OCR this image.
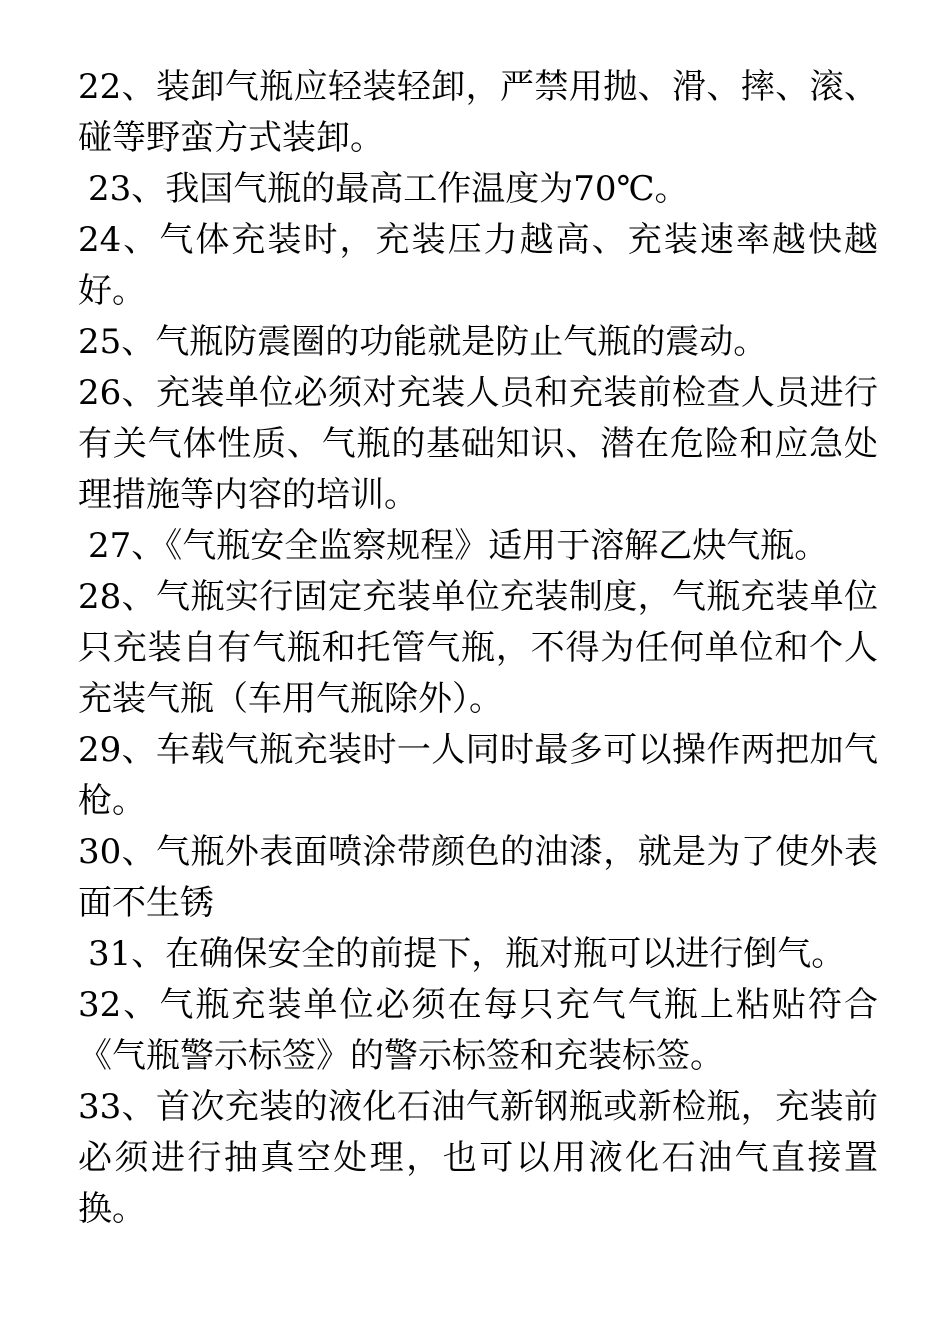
22、装卸气瓶应轻装轻卸，严禁用抛、滑、摔、滚、碰等野蛮方式装卸。

23、我国气瓶的最高工作温度为70℃。

24、气体充装时，充装压力越高、充装速率越快越好。

25、气瓶防震圈的功能就是防止气瓶的震动。

26、充装单位必须对充装人员和充装前检查人员进行有关气体性质、气瓶的基础知识、潜在危险和应急处理措施等内容的培训。

27、《气瓶安全监察规程》适用于溶解乙炔气瓶。

28、气瓶实行固定充装单位充装制度，气瓶充装单位只充装自有气瓶和托管气瓶，不得为任何单位和个人充装气瓶（车用气瓶除外）。

29、车载气瓶充装时一人同时最多可以操作两把加气枪。

30、气瓶外表面喷涂带颜色的油漆，就是为了使外表面不生锈

31、在确保安全的前提下，瓶对瓶可以进行倒气。

32、气瓶充装单位必须在每只充气气瓶上粘贴符合《气瓶警示标签》的警示标签和充装标签。

33、首次充装的液化石油气新钢瓶或新检瓶，充装前必须进行抽真空处理，也可以用液化石油气直接置换。
